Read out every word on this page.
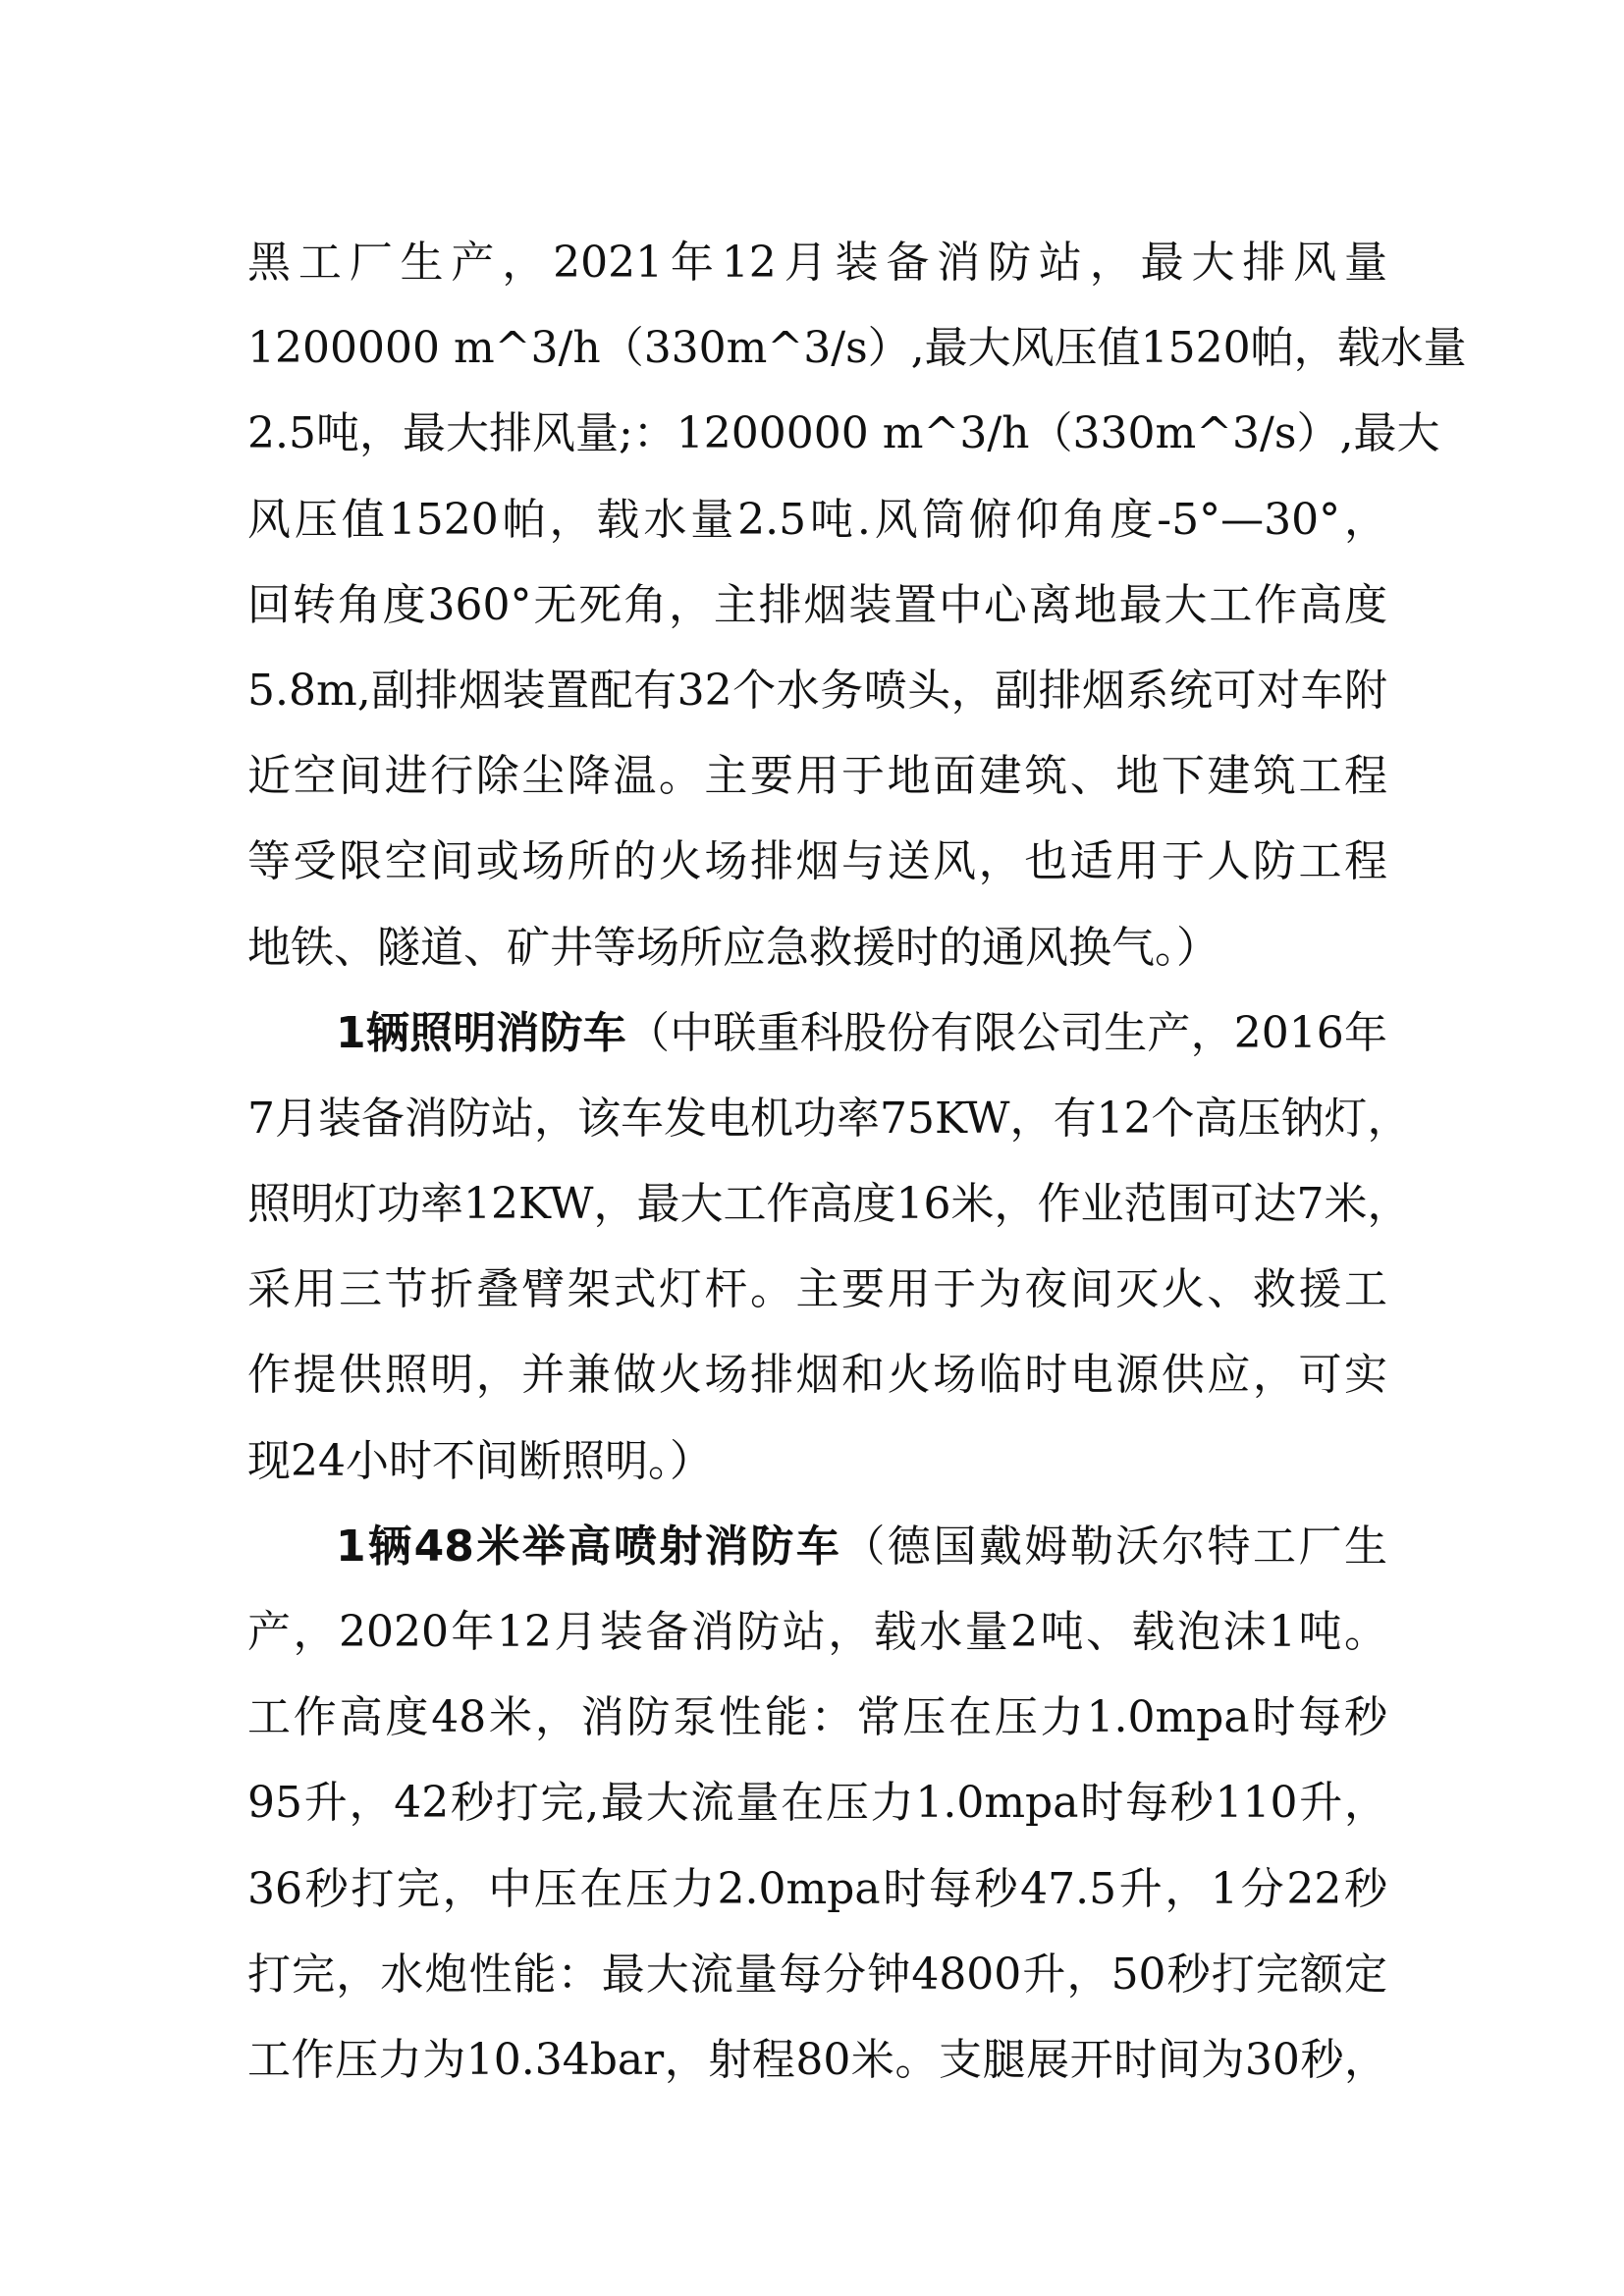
黑工厂生产，2021年12月装备消防站，最大排风量
1200000 m^3/h（330m^3/s）,最大风压值1520帕，载水量
2.5吨，最大排风量;：1200000 m^3/h（330m^3/s）,最大
风压值1520帕，载水量2.5吨.风筒俯仰角度-5°—30°，
回转角度360°无死角，主排烟装置中心离地最大工作高度
5.8m,副排烟装置配有32个水务喷头，副排烟系统可对车附
近空间进行除尘降温。主要用于地面建筑、地下建筑工程
等受限空间或场所的火场排烟与送风，也适用于人防工程
地铁、隧道、矿井等场所应急救援时的通风换气。）
1辆照明消防车（中联重科股份有限公司生产，2016年
7月装备消防站，该车发电机功率75KW，有12个高压钠灯，
照明灯功率12KW，最大工作高度16米，作业范围可达7米，
采用三节折叠臂架式灯杆。主要用于为夜间灭火、救援工
作提供照明，并兼做火场排烟和火场临时电源供应，可实
现24小时不间断照明。）
1辆48米举高喷射消防车（德国戴姆勒沃尔特工厂生
产，2020年12月装备消防站，载水量2吨、载泡沫1吨。
工作高度48米，消防泵性能：常压在压力1.0mpa时每秒
95升，42秒打完,最大流量在压力1.0mpa时每秒110升，
36秒打完，中压在压力2.0mpa时每秒47.5升，1分22秒
打完，水炮性能：最大流量每分钟4800升，50秒打完额定
工作压力为10.34bar，射程80米。支腿展开时间为30秒，
